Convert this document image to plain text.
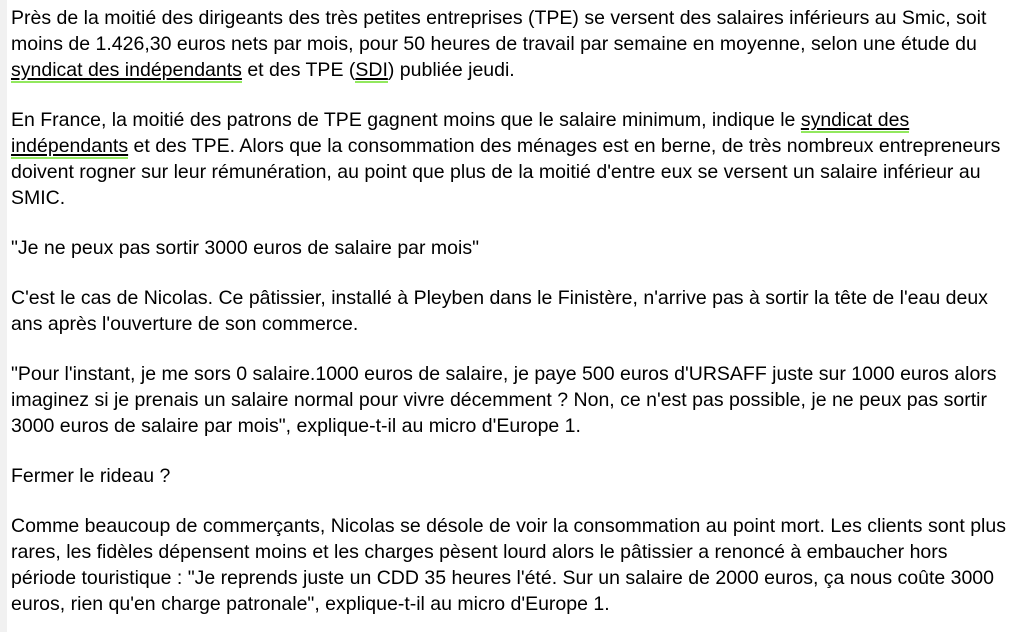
Près de la moitié des dirigeants des très petites entreprises (TPE) se versent des salaires inférieurs au Smic, soit moins de 1.426,30 euros nets par mois, pour 50 heures de travail par semaine en moyenne, selon une étude du syndicat des indépendants et des TPE (SDI) publiée jeudi.

En France, la moitié des patrons de TPE gagnent moins que le salaire minimum, indique le syndicat des indépendants et des TPE. Alors que la consommation des ménages est en berne, de très nombreux entrepreneurs doivent rogner sur leur rémunération, au point que plus de la moitié d'entre eux se versent un salaire inférieur au SMIC.

"Je ne peux pas sortir 3000 euros de salaire par mois"

C'est le cas de Nicolas. Ce pâtissier, installé à Pleyben dans le Finistère, n'arrive pas à sortir la tête de l'eau deux ans après l'ouverture de son commerce.

"Pour l'instant, je me sors 0 salaire.1000 euros de salaire, je paye 500 euros d'URSAFF juste sur 1000 euros alors imaginez si je prenais un salaire normal pour vivre décemment ? Non, ce n'est pas possible, je ne peux pas sortir 3000 euros de salaire par mois", explique-t-il au micro d'Europe 1.

Fermer le rideau ?

Comme beaucoup de commerçants, Nicolas se désole de voir la consommation au point mort. Les clients sont plus rares, les fidèles dépensent moins et les charges pèsent lourd alors le pâtissier a renoncé à embaucher hors période touristique : "Je reprends juste un CDD 35 heures l'été. Sur un salaire de 2000 euros, ça nous coûte 3000 euros, rien qu'en charge patronale", explique-t-il au micro d'Europe 1.
